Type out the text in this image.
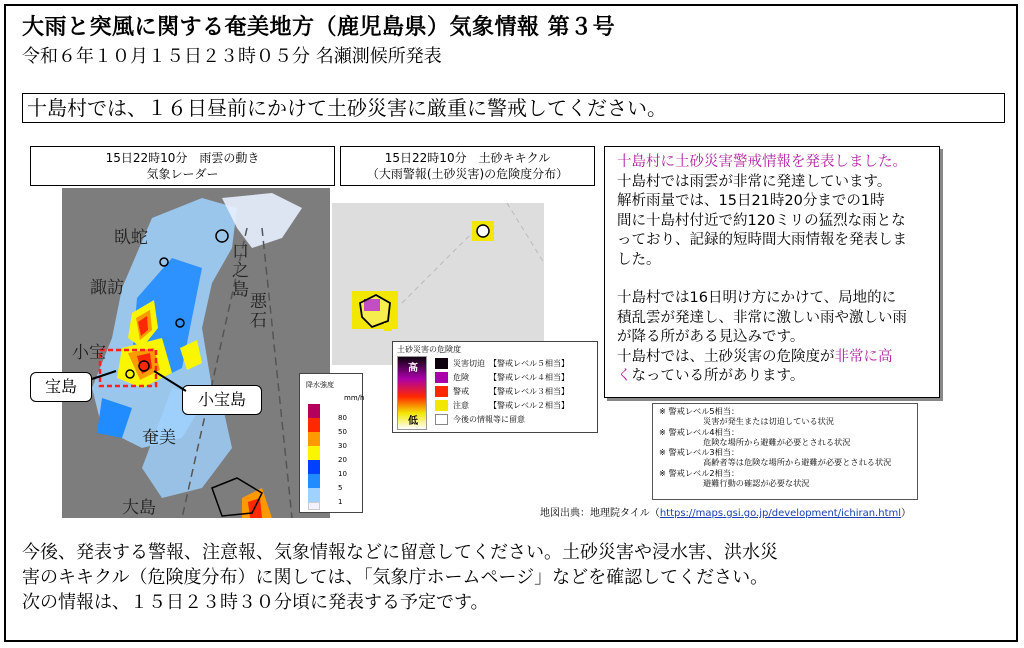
大雨と突風に関する奄美地方（鹿児島県）気象情報 第３号
令和６年１０月１５日２３時０５分 名瀬測候所発表
十島村では、１６日昼前にかけて土砂災害に厳重に警戒してください。
15日22時10分　雨雲の動き
気象レーダー
臥蛇
口之島
諏訪
悪石
小宝
奄美
大島
宝島
小宝島
降水強度
mm/h
80
50
30
20
10
5
1
15日22時10分　土砂キキクル
（大雨警報(土砂災害)の危険度分布）
土砂災害の危険度
高
低
災害切迫　【警戒レベル５相当】
危険　　　【警戒レベル４相当】
警戒　　　【警戒レベル３相当】
注意　　　【警戒レベル２相当】
今後の情報等に留意

十島村に土砂災害警戒情報を発表しました。

十島村では雨雲が非常に発達しています。

解析雨量では、15日21時20分までの1時

間に十島村付近で約120ミリの猛烈な雨とな

っており、記録的短時間大雨情報を発表しま

した。

十島村では16日明け方にかけて、局地的に

積乱雲が発達し、非常に激しい雨や激しい雨

が降る所がある見込みです。

十島村では、土砂災害の危険度が非常に高

くなっている所があります。

※ 警戒レベル5相当：
災害が発生または切迫している状況
※ 警戒レベル4相当：
危険な場所から避難が必要とされる状況
※ 警戒レベル3相当：
高齢者等は危険な場所から避難が必要とされる状況
※ 警戒レベル2相当：
避難行動の確認が必要な状況
地図出典：地理院タイル（https://maps.gsi.go.jp/development/ichiran.html）
今後、発表する警報、注意報、気象情報などに留意してください。土砂災害や浸水害、洪水災
害のキキクル（危険度分布）に関しては、「気象庁ホームページ」などを確認してください。
次の情報は、１５日２３時３０分頃に発表する予定です。
